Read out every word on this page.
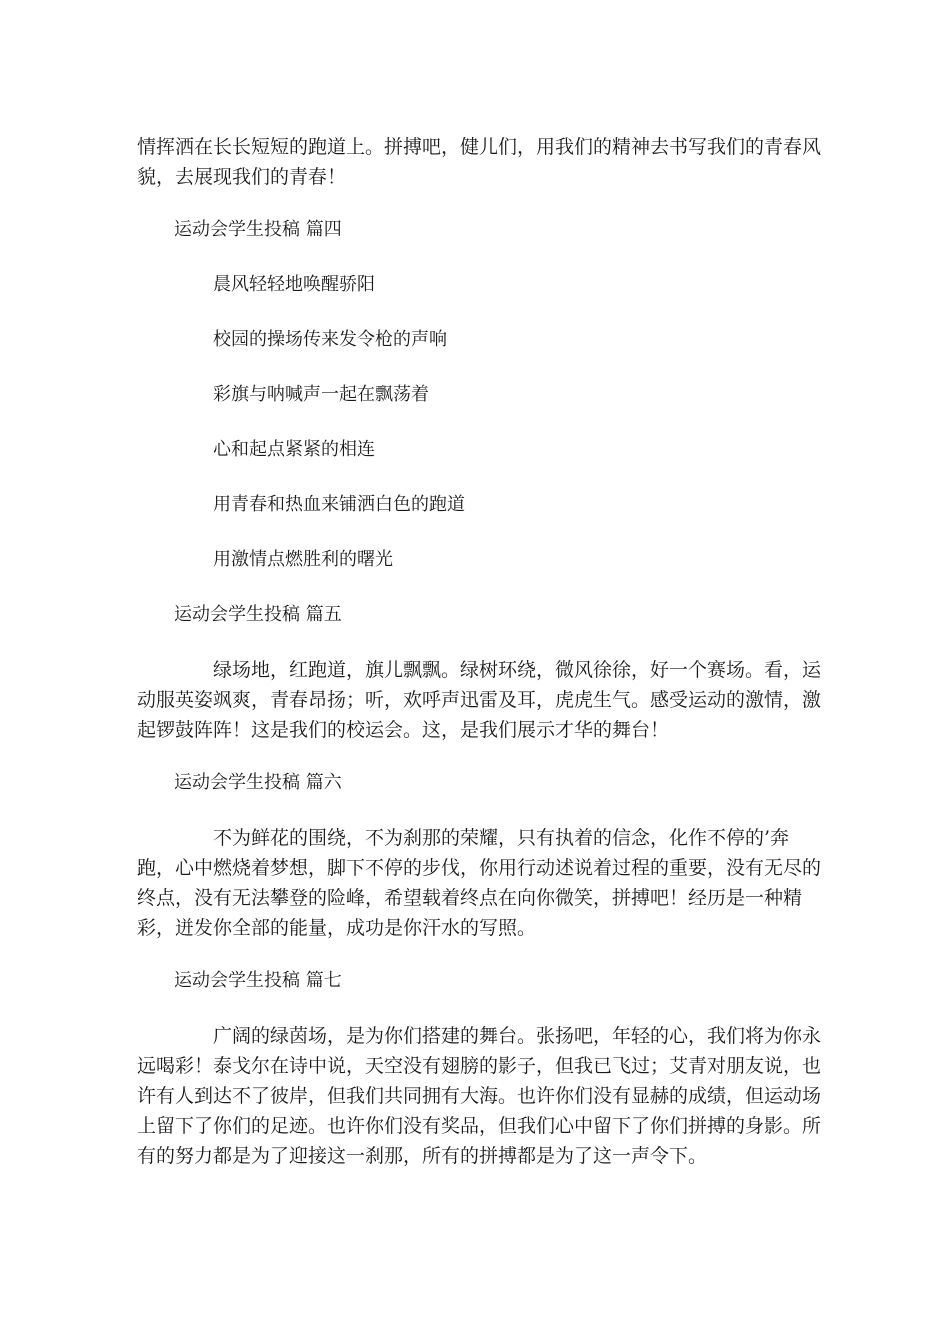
情挥洒在长长短短的跑道上。拼搏吧，健儿们，用我们的精神去书写我们的青春风貌，去展现我们的青春！

运动会学生投稿 篇四

晨风轻轻地唤醒骄阳

校园的操场传来发令枪的声响

彩旗与呐喊声一起在飘荡着

心和起点紧紧的相连

用青春和热血来铺洒白色的跑道

用激情点燃胜利的曙光

运动会学生投稿 篇五

绿场地，红跑道，旗儿飘飘。绿树环绕，微风徐徐，好一个赛场。看，运动服英姿飒爽，青春昂扬；听，欢呼声迅雷及耳，虎虎生气。感受运动的激情，激起锣鼓阵阵！这是我们的校运会。这，是我们展示才华的舞台！

运动会学生投稿 篇六

不为鲜花的围绕，不为刹那的荣耀，只有执着的信念，化作不停的’奔跑，心中燃烧着梦想，脚下不停的步伐，你用行动述说着过程的重要，没有无尽的终点，没有无法攀登的险峰，希望载着终点在向你微笑，拼搏吧！经历是一种精彩，迸发你全部的能量，成功是你汗水的写照。

运动会学生投稿 篇七

广阔的绿茵场，是为你们搭建的舞台。张扬吧，年轻的心，我们将为你永远喝彩！泰戈尔在诗中说，天空没有翅膀的影子，但我已飞过；艾青对朋友说，也许有人到达不了彼岸，但我们共同拥有大海。也许你们没有显赫的成绩，但运动场上留下了你们的足迹。也许你们没有奖品，但我们心中留下了你们拼搏的身影。所有的努力都是为了迎接这一刹那，所有的拼搏都是为了这一声令下。
